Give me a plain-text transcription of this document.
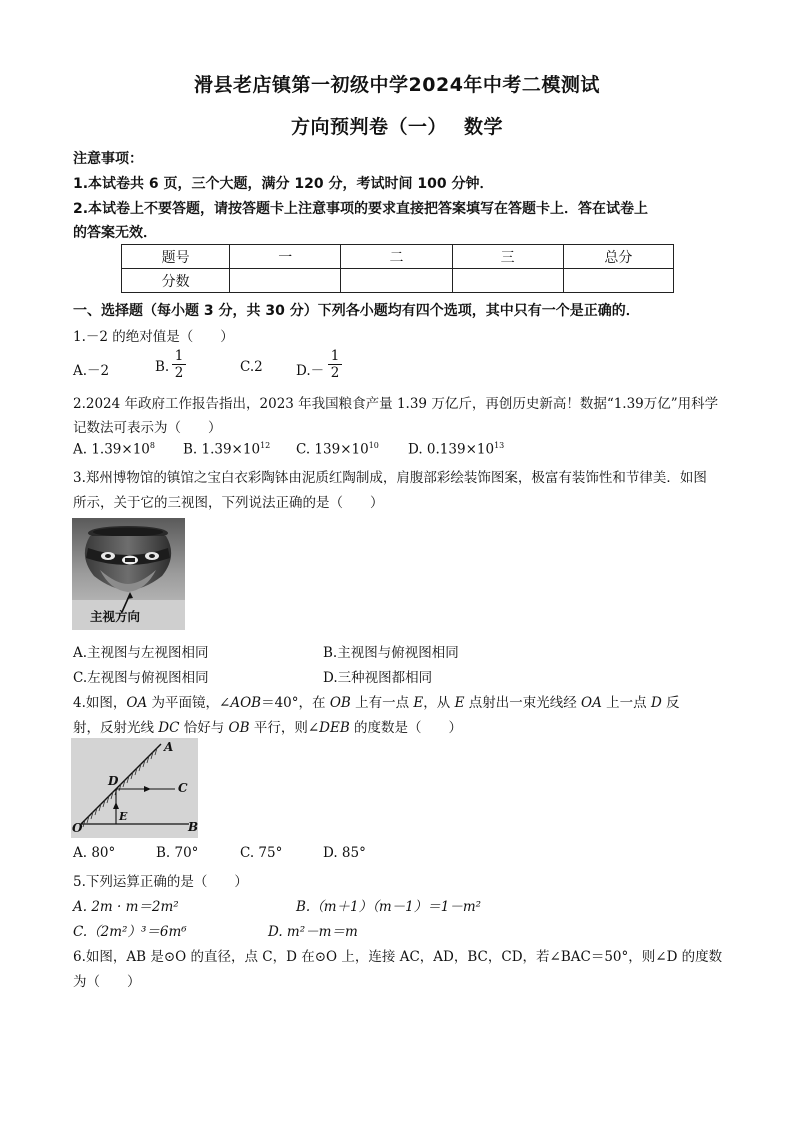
滑县老店镇第一初级中学2024年中考二模测试
方向预判卷（一）　 数学
注意事项：
1.本试卷共 6 页，三个大题，满分 120 分，考试时间 100 分钟．
2.本试卷上不要答题，请按答题卡上注意事项的要求直接把答案填写在答题卡上．答在试卷上
的答案无效．
题号	一	二	三	总分
分数				
一、选择题（每小题 3 分，共 30 分）下列各小题均有四个选项，其中只有一个是正确的．
1.－2 的绝对值是（　　）
A.－2	B. $\frac{1}{2}$	C.2 $D.- \frac{1}{2}$
2.2024 年政府工作报告指出，2023 年我国粮食产量 1.39 万亿斤，再创历史新高！数据“1.39万亿”用科学
记数法可表示为（　　）
A. $1.39\times 10^8$ B. $1.39\times 10^{12}$ C. $139\times 10^{10}$ D. $0.139\times 10^{13}$
3.郑州博物馆的镇馆之宝白衣彩陶钵由泥质红陶制成，肩腹部彩绘装饰图案，极富有装饰性和节律美．如图
所示，关于它的三视图，下列说法正确的是（　　）
主视方向
A.主视图与左视图相同	B.主视图与俯视图相同
C.左视图与俯视图相同	D.三种视图都相同
4.如图，OA 为平面镜，∠AOB＝40°，在 OB 上有一点 E，从 E 点射出一束光线经 OA 上一点 D 反
射，反射光线 DC 恰好与 OB 平行，则∠DEB 的度数是（　　）
A
D	C
E
O	B
A. 80°	B. 70°	C. 75°	D. 85°
5.下列运算正确的是（　　）
A. 2m · m＝2m²	B.（m＋1）（m－1）＝1－m²
C.（2m²）³＝6m⁶	D. m²－m＝m
6.如图，AB 是⊙O 的直径，点 C，D 在⊙O 上，连接 AC，AD，BC，CD，若∠BAC＝50°，则∠D 的度数
为（　　）
